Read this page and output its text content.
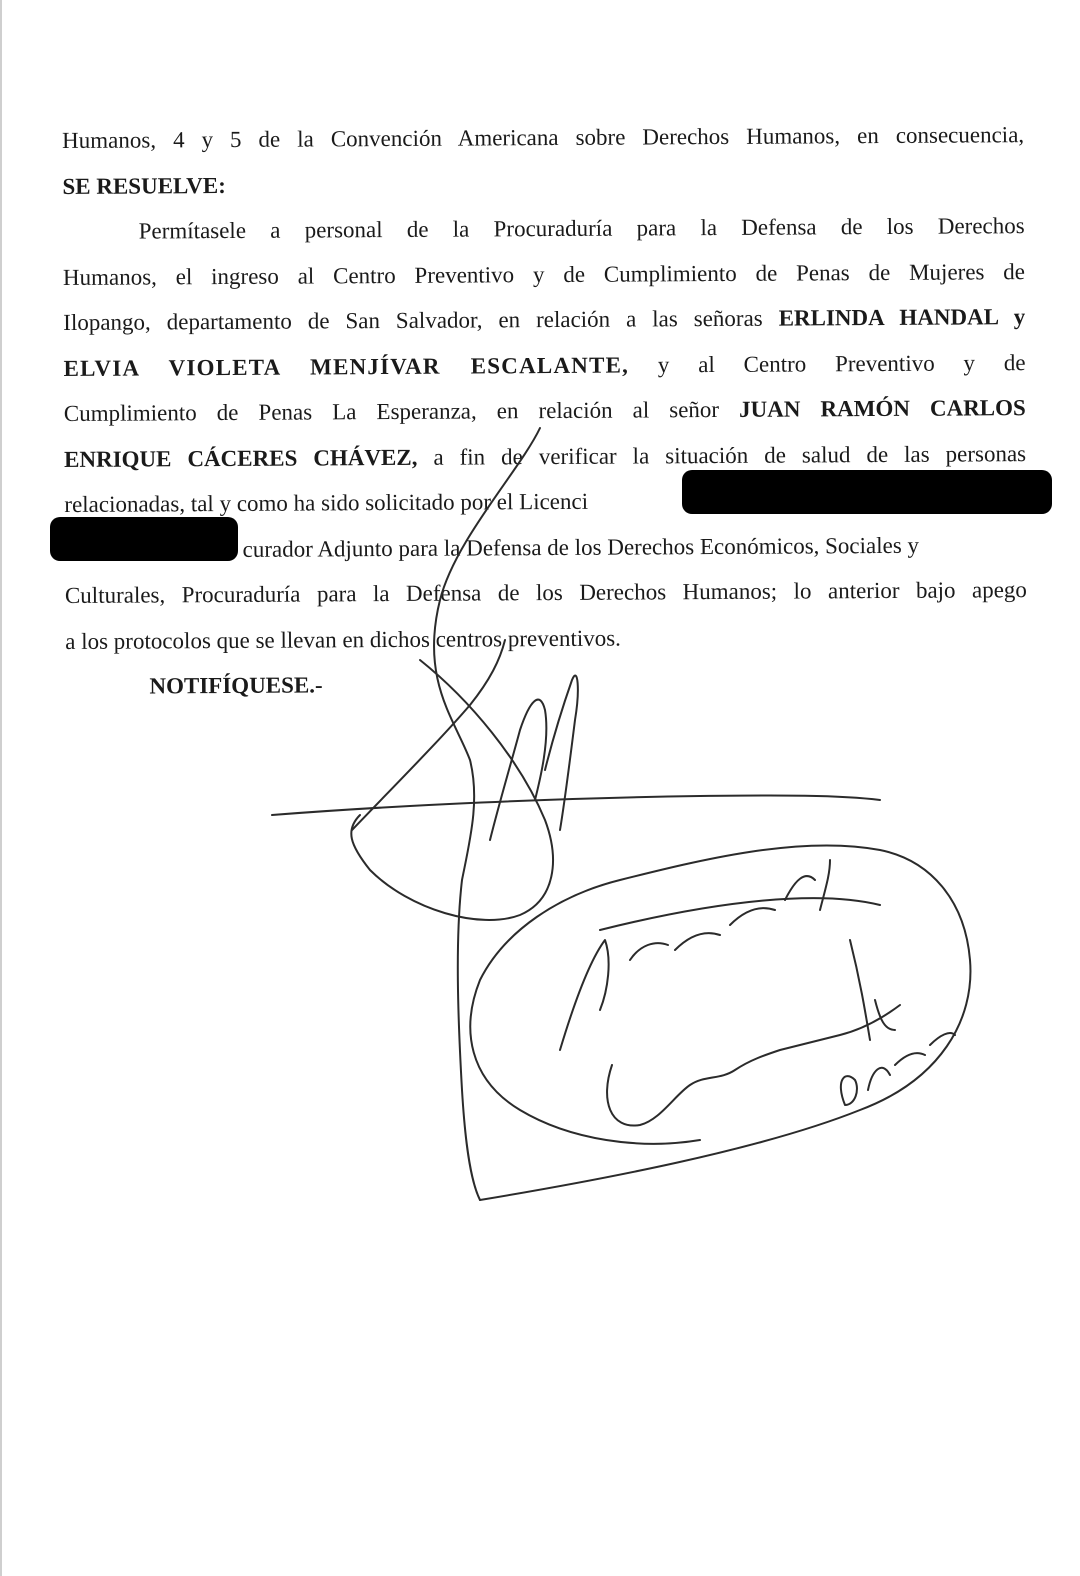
Humanos, 4 y 5 de la Convención Americana sobre Derechos Humanos, en consecuencia,
SE RESUELVE:
Permítasele a personal de la Procuraduría para la Defensa de los Derechos
Humanos, el ingreso al Centro Preventivo y de Cumplimiento de Penas de Mujeres de
Ilopango, departamento de San Salvador, en relación a las señoras ERLINDA HANDAL y
ELVIA VIOLETA MENJÍVAR ESCALANTE, y al Centro Preventivo y de
Cumplimiento de Penas La Esperanza, en relación al señor JUAN RAMÓN CARLOS
ENRIQUE CÁCERES CHÁVEZ, a fin de verificar la situación de salud de las personas
relacionadas, tal y como ha sido solicitado por el Licenci
curador Adjunto para la Defensa de los Derechos Económicos, Sociales y
Culturales, Procuraduría para la Defensa de los Derechos Humanos; lo anterior bajo apego
a los protocolos que se llevan en dichos centros preventivos.
NOTIFÍQUESE.-
